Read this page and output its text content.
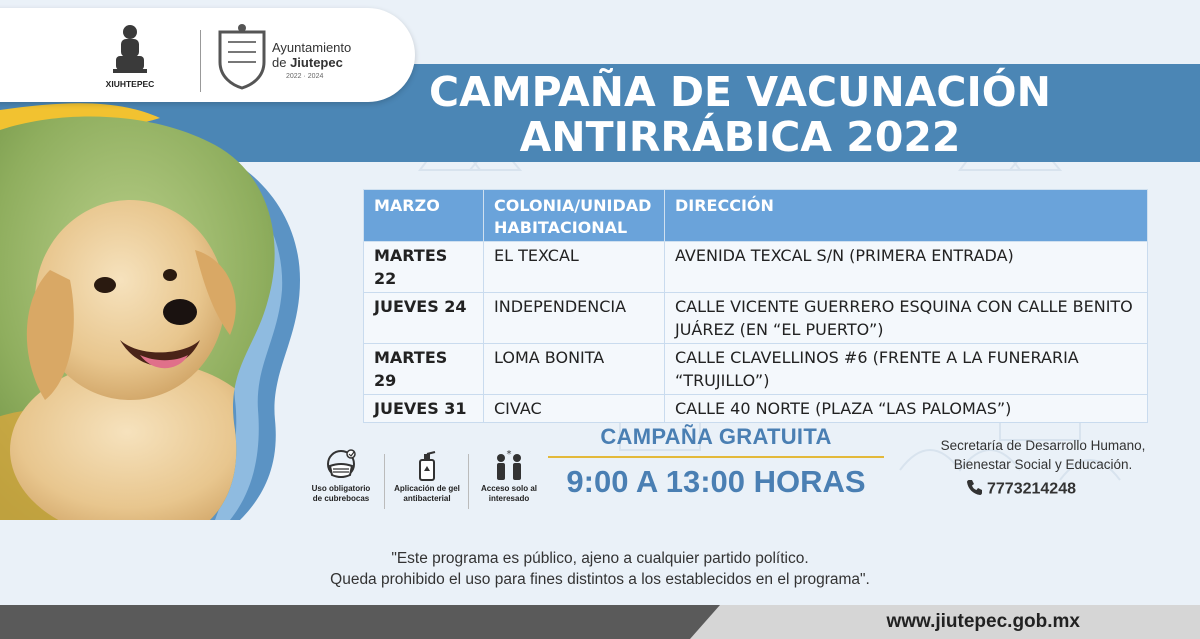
XIUHTEPEC
Ayuntamiento
de Jiutepec
2022 · 2024	CAMPAÑA DE VACUNACIÓN
ANTIRRÁBICA 2022
MARZO	COLONIA/UNIDAD HABITACIONAL	DIRECCIÓN
MARTES 22	EL TEXCAL	AVENIDA TEXCAL S/N (PRIMERA ENTRADA)
JUEVES 24	INDEPENDENCIA	CALLE VICENTE GUERRERO ESQUINA CON CALLE BENITO JUÁREZ (EN “EL PUERTO”)
MARTES 29	LOMA BONITA	CALLE CLAVELLINOS #6 (FRENTE A LA FUNERARIA “TRUJILLO”)
JUEVES 31	CIVAC	CALLE 40 NORTE (PLAZA “LAS PALOMAS”)
Uso obligatorio
de cubrebocas
Aplicación de gel
antibacterial
*
Acceso solo al
interesado
CAMPAÑA GRATUITA
9:00 A 13:00 HORAS
Secretaría de Desarrollo Humano,
Bienestar Social y Educación.
7773214248
"Este programa es público, ajeno a cualquier partido político.
Queda prohibido el uso para fines distintos a los establecidos en el programa".
www.jiutepec.gob.mx
